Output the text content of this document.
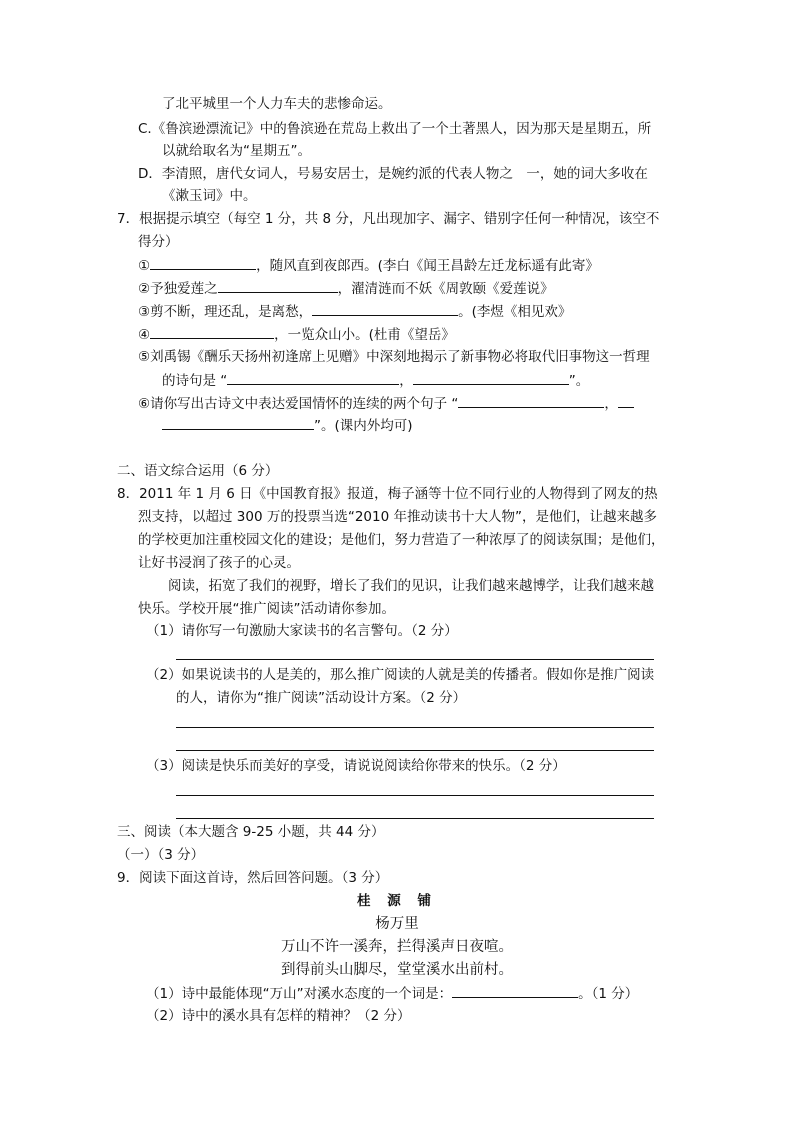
了北平城里一个人力车夫的悲惨命运。
C.《鲁滨逊漂流记》中的鲁滨逊在荒岛上救出了一个土著黑人，因为那天是星期五，所
以就给取名为“星期五”。
D．李清照，唐代女词人，号易安居士，是婉约派的代表人物之　一，她的词大多收在
《漱玉词》中。
7．根据提示填空（每空 1 分，共 8 分，凡出现加字、漏字、错别字任何一种情况，该空不
得分）
①	，随风直到夜郎西。(李白《闻王昌龄左迁龙标遥有此寄》
②予独爱莲之	，濯清涟而不妖《周敦颐《爱莲说》
③剪不断，理还乱，是离愁，	。(李煜《相见欢》
④	，一览众山小。(杜甫《望岳》
⑤刘禹锡《酬乐天扬州初逢席上见赠》中深刻地揭示了新事物必将取代旧事物这一哲理
的诗句是 “	，	”。
⑥请你写出古诗文中表达爱国情怀的连续的两个句子 “	，
”。(课内外均可)
二、语文综合运用（6 分）
8．2011 年 1 月 6 日《中国教育报》报道，梅子涵等十位不同行业的人物得到了网友的热
烈支持，以超过 300 万的投票当选“2010 年推动读书十大人物”，是他们，让越来越多
的学校更加注重校园文化的建设；是他们，努力营造了一种浓厚了的阅读氛围；是他们，
让好书浸润了孩子的心灵。
阅读，拓宽了我们的视野，增长了我们的见识，让我们越来越博学，让我们越来越
快乐。学校开展“推广阅读”活动请你参加。
（1）请你写一句激励大家读书的名言警句。（2 分）
（2）如果说读书的人是美的，那么推广阅读的人就是美的传播者。假如你是推广阅读
的人，请你为“推广阅读”活动设计方案。（2 分）
（3）阅读是快乐而美好的享受，请说说阅读给你带来的快乐。（2 分）
三、阅读（本大题含 9-25 小题，共 44 分）
（一）（3 分）
9．阅读下面这首诗，然后回答问题。（3 分）
桂 源 铺
杨万里
万山不许一溪奔，拦得溪声日夜喧。
到得前头山脚尽，堂堂溪水出前村。
（1）诗中最能体现“万山”对溪水态度的一个词是：	。（1 分）
（2）诗中的溪水具有怎样的精神？（2 分）
